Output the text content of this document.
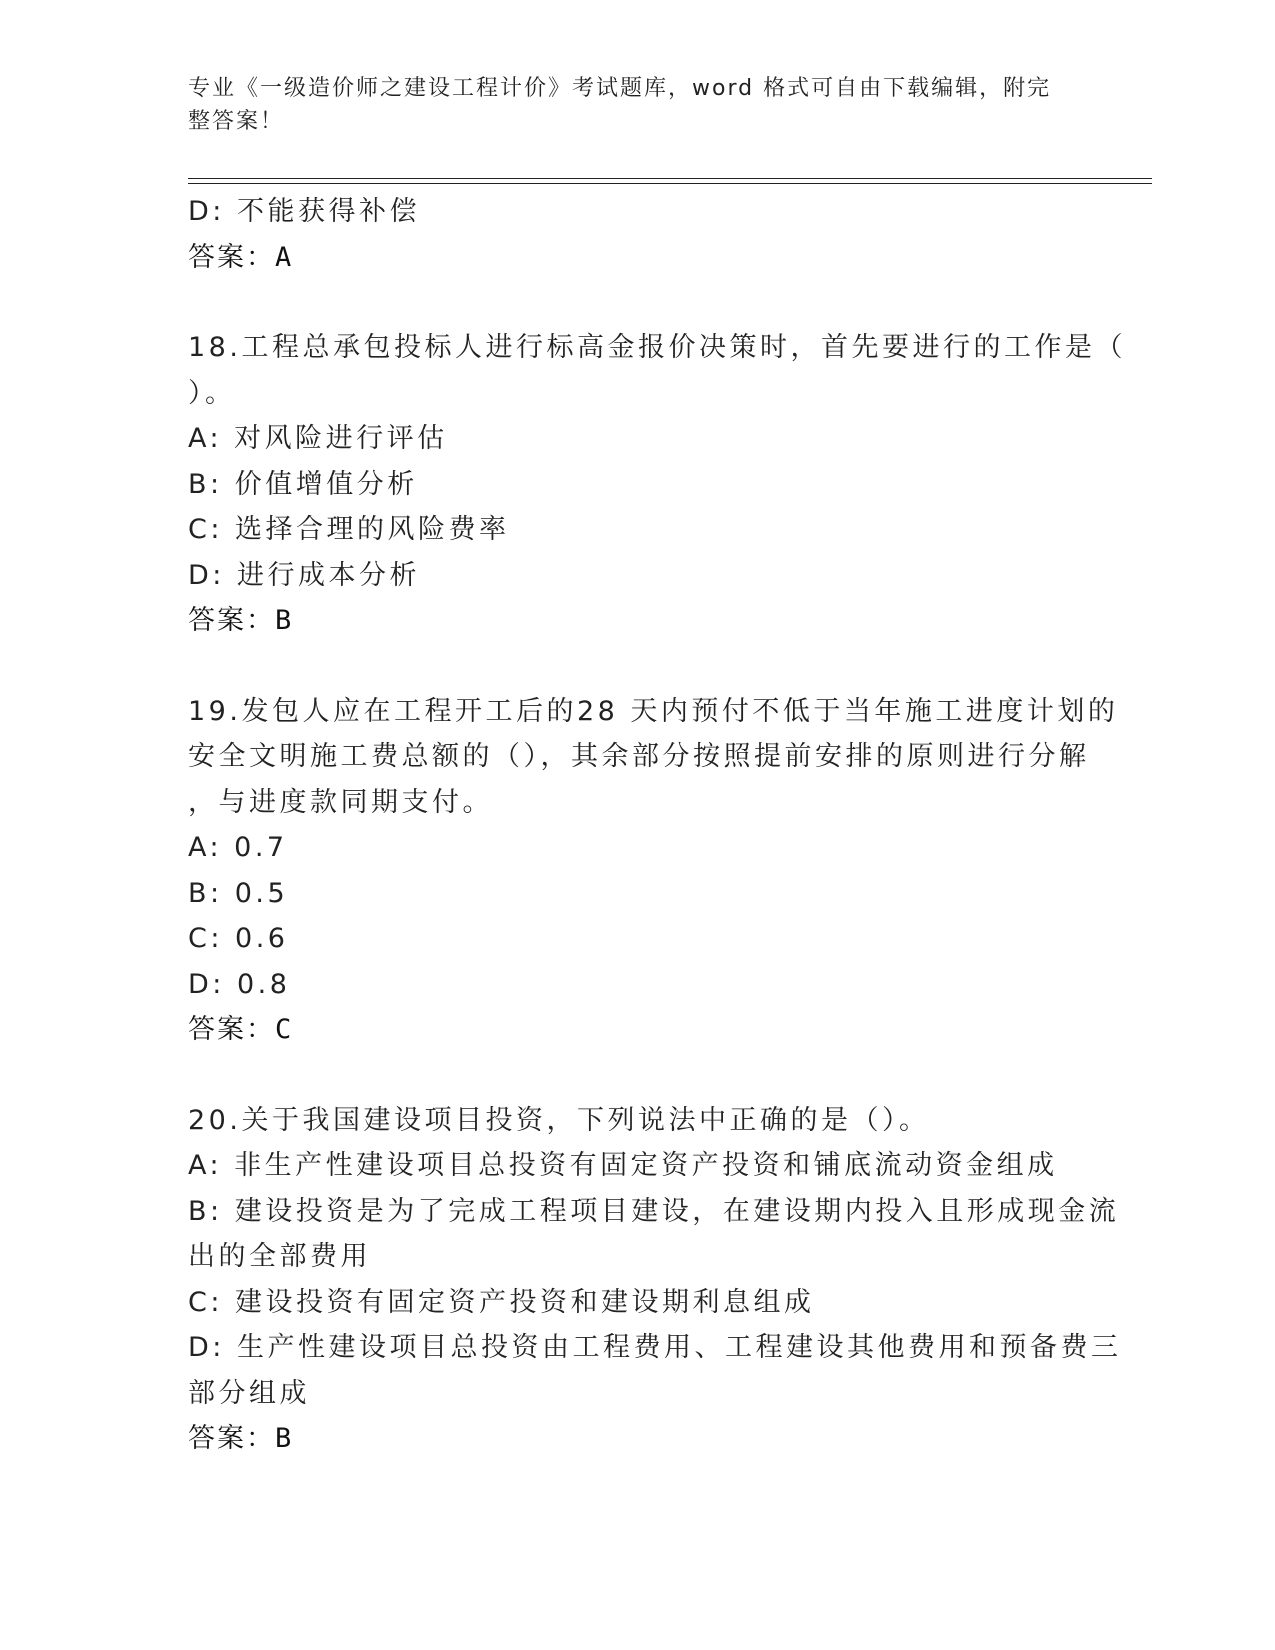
专业《一级造价师之建设工程计价》考试题库，word 格式可自由下载编辑，附完整答案！
D: 不能获得补偿
答案：A
18.工程总承包投标人进行标高金报价决策时，首先要进行的工作是（
）。
A: 对风险进行评估
B: 价值增值分析
C: 选择合理的风险费率
D: 进行成本分析
答案：B
19.发包人应在工程开工后的28 天内预付不低于当年施工进度计划的
安全文明施工费总额的（），其余部分按照提前安排的原则进行分解
，与进度款同期支付。
A: 0.7
B: 0.5
C: 0.6
D: 0.8
答案：C
20.关于我国建设项目投资，下列说法中正确的是（）。
A: 非生产性建设项目总投资有固定资产投资和铺底流动资金组成
B: 建设投资是为了完成工程项目建设，在建设期内投入且形成现金流
出的全部费用
C: 建设投资有固定资产投资和建设期利息组成
D: 生产性建设项目总投资由工程费用、工程建设其他费用和预备费三
部分组成
答案：B
